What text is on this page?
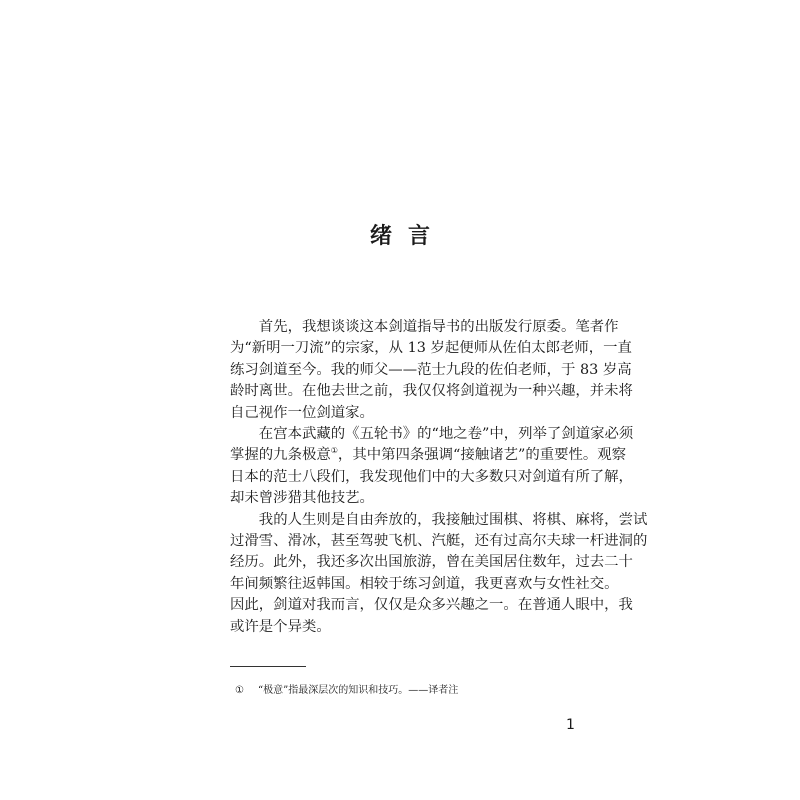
绪言

首先，我想谈谈这本剑道指导书的出版发行原委。笔者作
为“新明一刀流”的宗家，从 13 岁起便师从佐伯太郎老师，一直
练习剑道至今。我的师父——范士九段的佐伯老师，于 83 岁高
龄时离世。在他去世之前，我仅仅将剑道视为一种兴趣，并未将
自己视作一位剑道家。

在宫本武藏的《五轮书》的“地之卷”中，列举了剑道家必须
掌握的九条极意①，其中第四条强调“接触诸艺”的重要性。观察
日本的范士八段们，我发现他们中的大多数只对剑道有所了解，
却未曾涉猎其他技艺。

我的人生则是自由奔放的，我接触过围棋、将棋、麻将，尝试
过滑雪、滑冰，甚至驾驶飞机、汽艇，还有过高尔夫球一杆进洞的
经历。此外，我还多次出国旅游，曾在美国居住数年，过去二十
年间频繁往返韩国。相较于练习剑道，我更喜欢与女性社交。
因此，剑道对我而言，仅仅是众多兴趣之一。在普通人眼中，我
或许是个异类。

① “极意”指最深层次的知识和技巧。——译者注
1
